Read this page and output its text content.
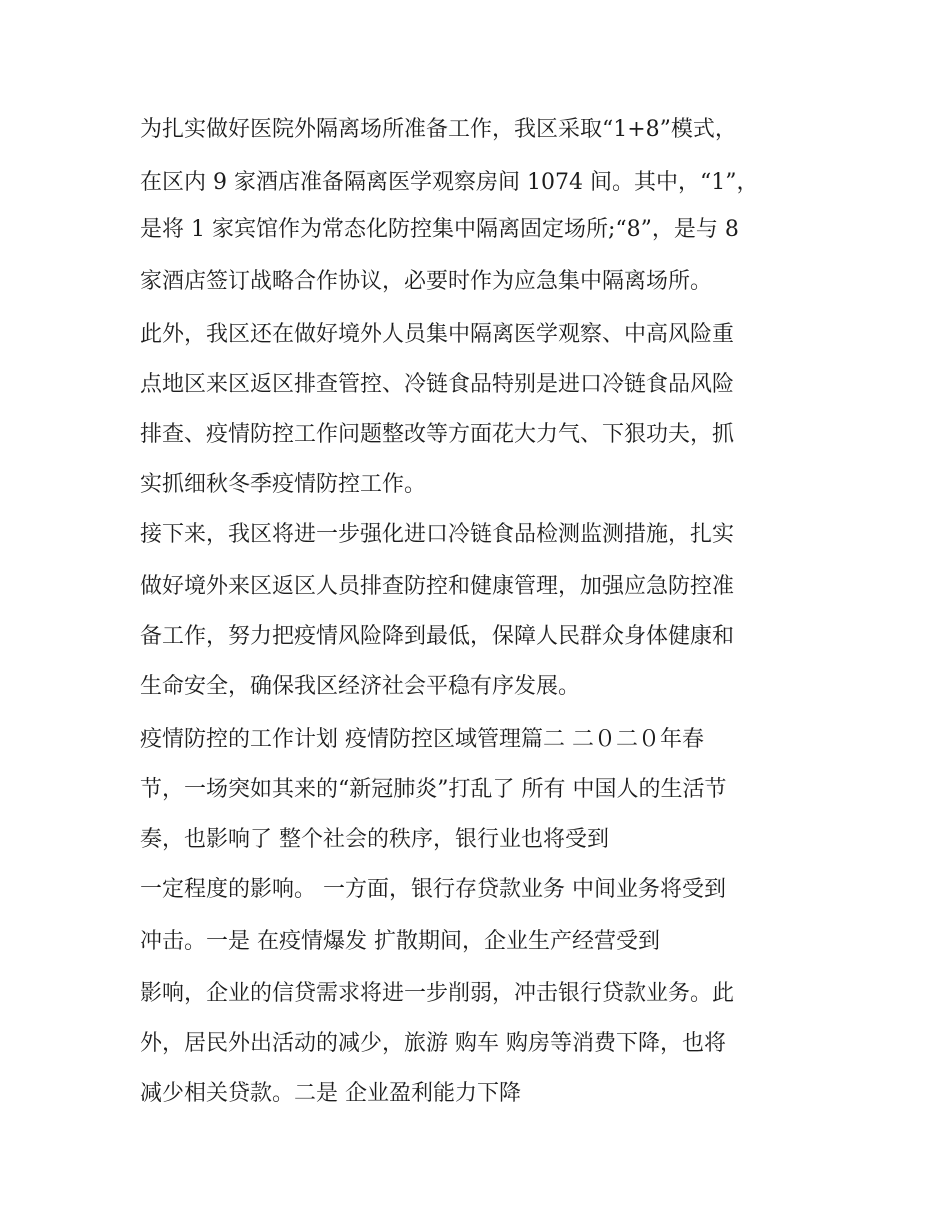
为扎实做好医院外隔离场所准备工作，我区采取“1+8”模式，
在区内 9 家酒店准备隔离医学观察房间 1074 间。其中，“1”，
是将 1 家宾馆作为常态化防控集中隔离固定场所;“8”，是与 8
家酒店签订战略合作协议，必要时作为应急集中隔离场所。
此外，我区还在做好境外人员集中隔离医学观察、中高风险重
点地区来区返区排查管控、冷链食品特别是进口冷链食品风险
排查、疫情防控工作问题整改等方面花大力气、下狠功夫，抓
实抓细秋冬季疫情防控工作。
接下来，我区将进一步强化进口冷链食品检测监测措施，扎实
做好境外来区返区人员排查防控和健康管理，加强应急防控准
备工作，努力把疫情风险降到最低，保障人民群众身体健康和
生命安全，确保我区经济社会平稳有序发展。
疫情防控的工作计划 疫情防控区域管理篇二 二０二０年春
节，一场突如其来的“新冠肺炎”打乱了 所有 中国人的生活节
奏，也影响了 整个社会的秩序，银行业也将受到
一定程度的影响。 一方面，银行存贷款业务 中间业务将受到
冲击。一是 在疫情爆发 扩散期间，企业生产经营受到
影响，企业的信贷需求将进一步削弱，冲击银行贷款业务。此
外，居民外出活动的减少，旅游 购车 购房等消费下降，也将
减少相关贷款。二是 企业盈利能力下降
